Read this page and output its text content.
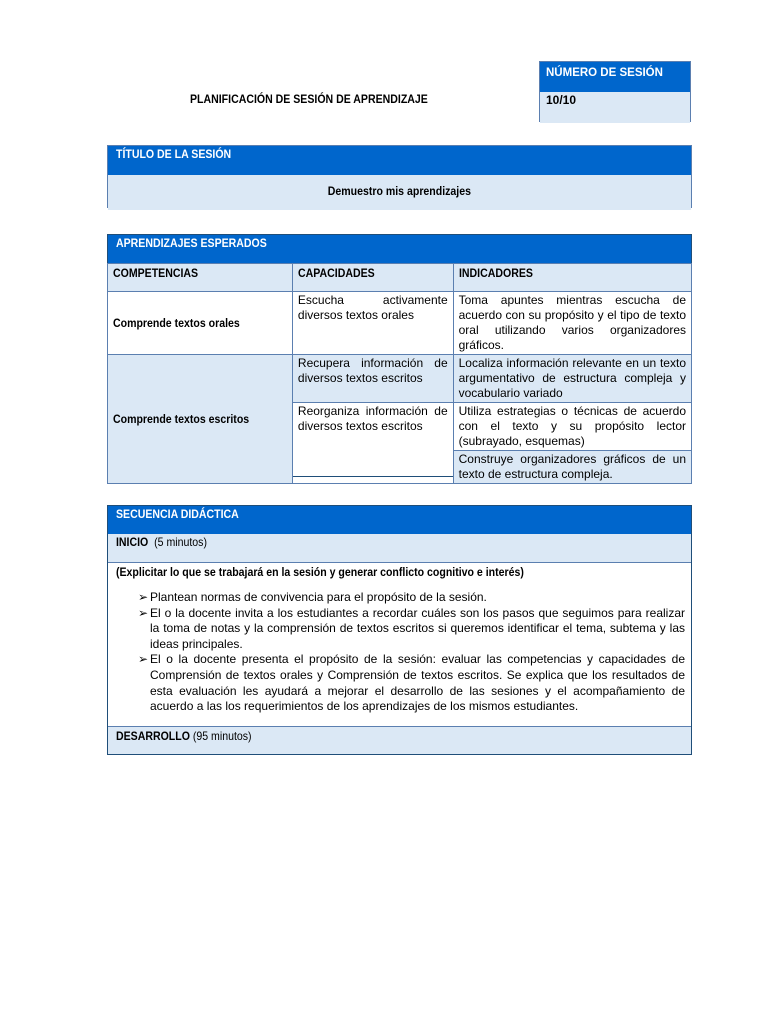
PLANIFICACIÓN DE SESIÓN DE APRENDIZAJE
NÚMERO DE SESIÓN
10/10
TÍTULO DE LA SESIÓN
Demuestro mis aprendizajes
APRENDIZAJES ESPERADOS
COMPETENCIAS	CAPACIDADES	INDICADORES
Comprende textos orales	Escucha activamente diversos textos orales	Toma apuntes mientras escucha de acuerdo con su propósito y el tipo de texto oral utilizando varios organizadores gráficos.
Comprende textos escritos	Recupera información de diversos textos escritos	Localiza información relevante en un texto argumentativo de estructura compleja y vocabulario variado
	Reorganiza información de diversos textos escritos	Utiliza estrategias o técnicas de acuerdo con el texto y su propósito lector (subrayado, esquemas)
		Construye organizadores gráficos de un texto de estructura compleja.
SECUENCIA DIDÁCTICA
INICIO (5 minutos)
(Explicitar lo que se trabajará en la sesión y generar conflicto cognitivo e interés)
➢ Plantean normas de convivencia para el propósito de la sesión.
➢ El o la docente invita a los estudiantes a recordar cuáles son los pasos que seguimos para realizar la toma de notas y la comprensión de textos escritos si queremos identificar el tema, subtema y las ideas principales.
➢ El o la docente presenta el propósito de la sesión: evaluar las competencias y capacidades de Comprensión de textos orales y Comprensión de textos escritos. Se explica que los resultados de esta evaluación les ayudará a mejorar el desarrollo de las sesiones y el acompañamiento de acuerdo a las los requerimientos de los aprendizajes de los mismos estudiantes.
DESARROLLO (95 minutos)
